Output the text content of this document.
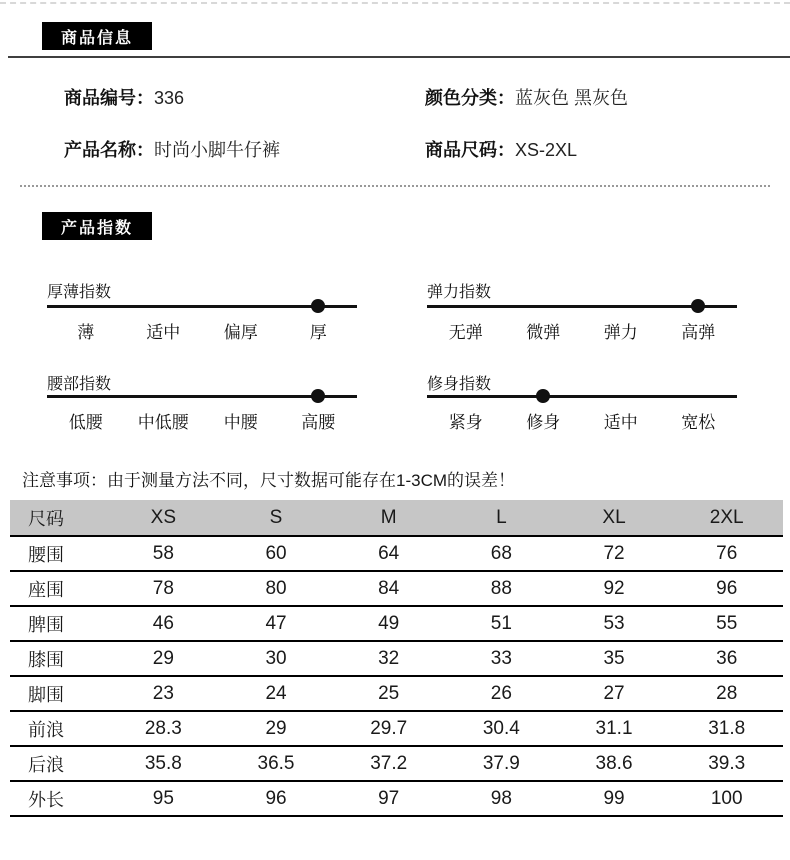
商品信息
商品编号：336	颜色分类：蓝灰色 黑灰色
产品名称：时尚小脚牛仔裤	商品尺码：XS-2XL
产品指数
厚薄指数
薄	适中	偏厚	厚
弹力指数
无弹	微弹	弹力	高弹
腰部指数
低腰	中低腰	中腰	高腰
修身指数
紧身	修身	适中	宽松
注意事项：由于测量方法不同，尺寸数据可能存在1-3CM的误差！
尺码	XS	S	M	L	XL	2XL
腰围	58	60	64	68	72	76
座围	78	80	84	88	92	96
脾围	46	47	49	51	53	55
膝围	29	30	32	33	35	36
脚围	23	24	25	26	27	28
前浪	28.3	29	29.7	30.4	31.1	31.8
后浪	35.8	36.5	37.2	37.9	38.6	39.3
外长	95	96	97	98	99	100
